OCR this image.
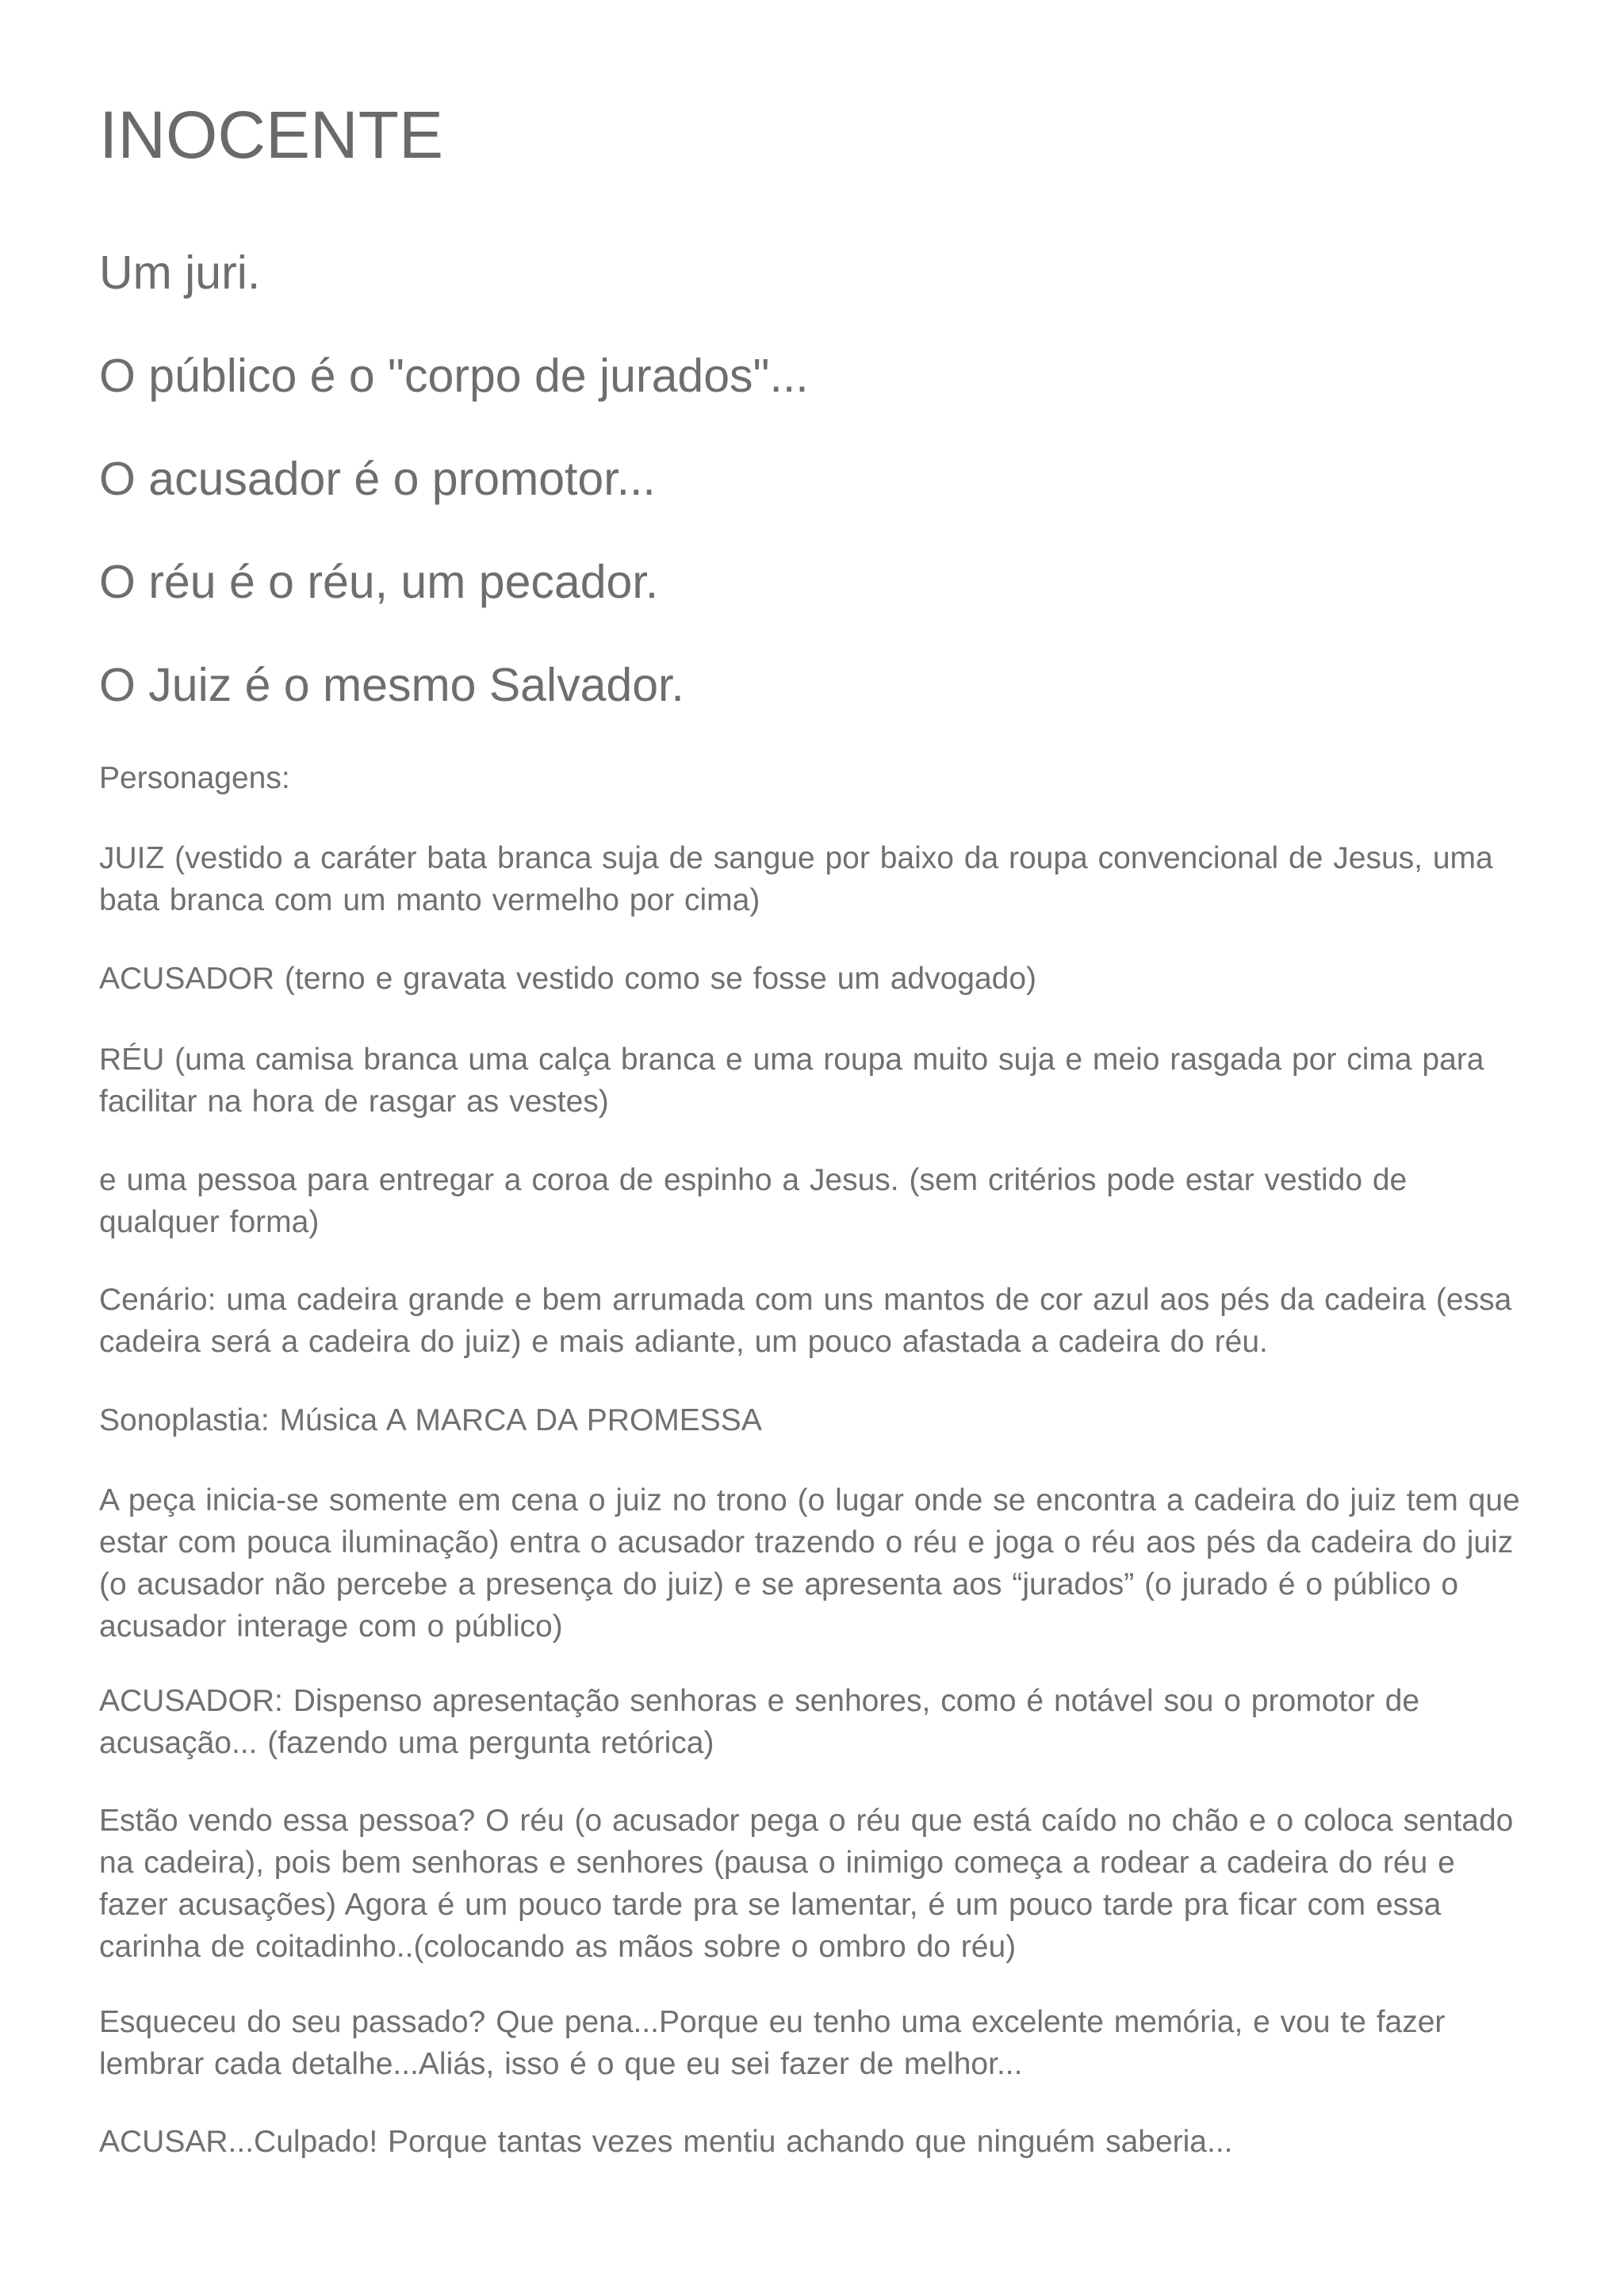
INOCENTE

Um juri.

O público é o "corpo de jurados"...

O acusador é o promotor...

O réu é o réu, um pecador.

O Juiz é o mesmo Salvador.

Personagens:

JUIZ (vestido a caráter bata branca suja de sangue por baixo da roupa convencional de Jesus, uma bata branca com um manto vermelho por cima)

ACUSADOR (terno e gravata vestido como se fosse um advogado)

RÉU (uma camisa branca uma calça branca e uma roupa muito suja e meio rasgada por cima para facilitar na hora de rasgar as vestes)

e uma pessoa para entregar a coroa de espinho a Jesus. (sem critérios pode estar vestido de qualquer forma)

Cenário: uma cadeira grande e bem arrumada com uns mantos de cor azul aos pés da cadeira (essa cadeira será a cadeira do juiz) e mais adiante, um pouco afastada a cadeira do réu.

Sonoplastia: Música A MARCA DA PROMESSA

A peça inicia-se somente em cena o juiz no trono (o lugar onde se encontra a cadeira do juiz tem que estar com pouca iluminação) entra o acusador trazendo o réu e joga o réu aos pés da cadeira do juiz (o acusador não percebe a presença do juiz) e se apresenta aos “jurados” (o jurado é o público o acusador interage com o público)

ACUSADOR: Dispenso apresentação senhoras e senhores, como é notável sou o promotor de acusação... (fazendo uma pergunta retórica)

Estão vendo essa pessoa? O réu (o acusador pega o réu que está caído no chão e o coloca sentado na cadeira), pois bem senhoras e senhores (pausa o inimigo começa a rodear a cadeira do réu e fazer acusações) Agora é um pouco tarde pra se lamentar, é um pouco tarde pra ficar com essa carinha de coitadinho..(colocando as mãos sobre o ombro do réu)

Esqueceu do seu passado? Que pena...Porque eu tenho uma excelente memória, e vou te fazer lembrar cada detalhe...Aliás, isso é o que eu sei fazer de melhor...

ACUSAR...Culpado! Porque tantas vezes mentiu achando que ninguém saberia...
